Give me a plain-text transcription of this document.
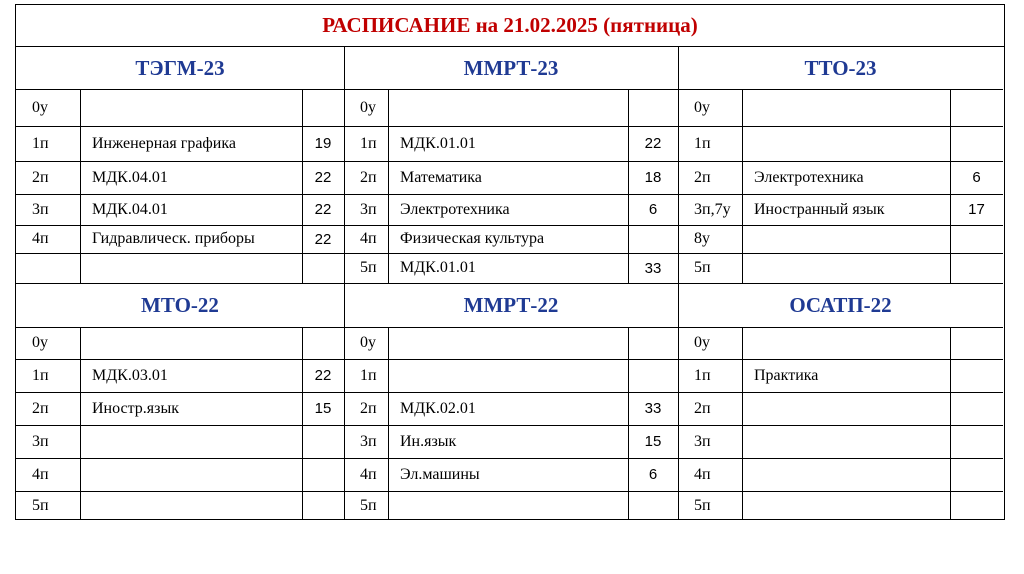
РАСПИСАНИЕ на 21.02.2025 (пятница)
ТЭГМ-23
0у
1п	Инженерная графика	19
2п	МДК.04.01	22
3п	МДК.04.01	22
4п	Гидравлическ. приборы	22
ММРТ-23
0у
1п	МДК.01.01	22
2п	Математика	18
3п	Электротехника	6
4п	Физическая культура
5п	МДК.01.01	33
ТТО-23
0у
1п
2п	Электротехника	6
3п,7у	Иностранный язык	17
8у
5п
МТО-22
0у
1п	МДК.03.01	22
2п	Иностр.язык	15
3п
4п
5п
ММРТ-22
0у
1п
2п	МДК.02.01	33
3п	Ин.язык	15
4п	Эл.машины	6
5п
ОСАТП-22
0у
1п	Практика
2п
3п
4п
5п
